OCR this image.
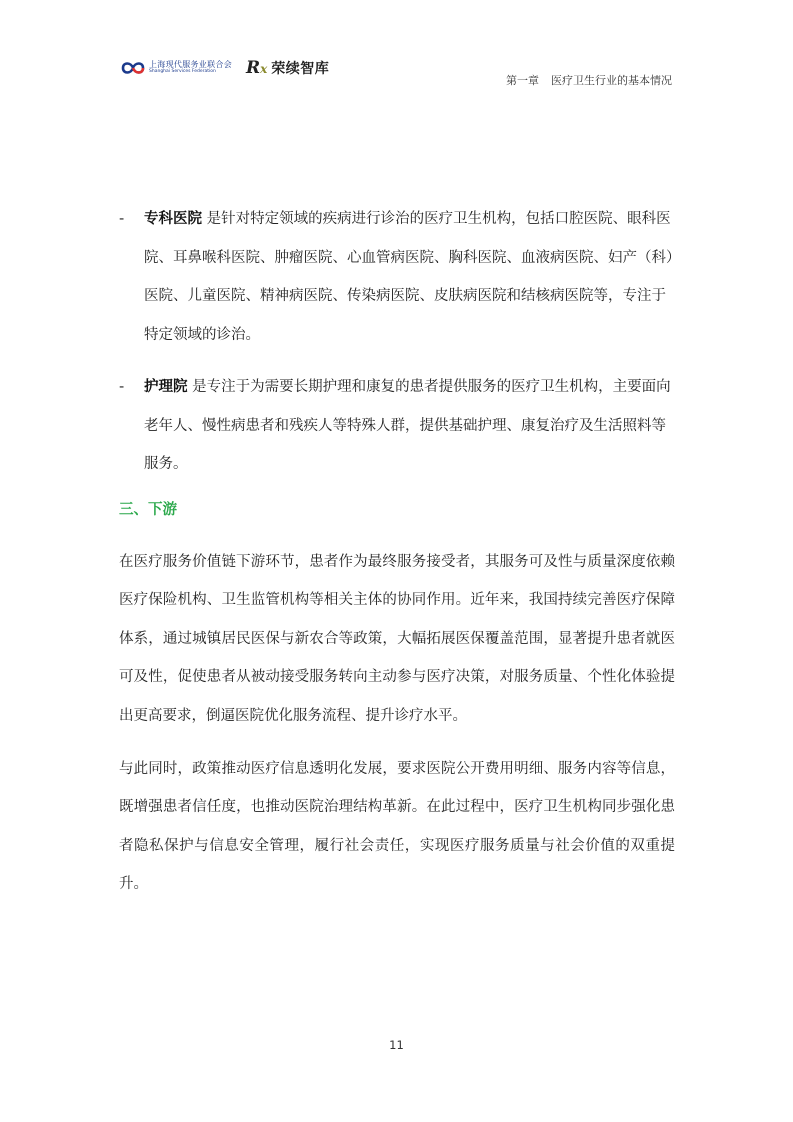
上海现代服务业联合会
Shanghai Services Federation	Rx 荣续智库
第一章 医疗卫生行业的基本情况
- 专科医院 是针对特定领域的疾病进行诊治的医疗卫生机构，包括口腔医院、眼科医院、耳鼻喉科医院、肿瘤医院、心血管病医院、胸科医院、血液病医院、妇产（科）医院、儿童医院、精神病医院、传染病医院、皮肤病医院和结核病医院等，专注于特定领域的诊治。
- 护理院 是专注于为需要长期护理和康复的患者提供服务的医疗卫生机构，主要面向老年人、慢性病患者和残疾人等特殊人群，提供基础护理、康复治疗及生活照料等服务。
三、下游

在医疗服务价值链下游环节，患者作为最终服务接受者，其服务可及性与质量深度依赖医疗保险机构、卫生监管机构等相关主体的协同作用。近年来，我国持续完善医疗保障体系，通过城镇居民医保与新农合等政策，大幅拓展医保覆盖范围，显著提升患者就医可及性，促使患者从被动接受服务转向主动参与医疗决策，对服务质量、个性化体验提出更高要求，倒逼医院优化服务流程、提升诊疗水平。

与此同时，政策推动医疗信息透明化发展，要求医院公开费用明细、服务内容等信息，既增强患者信任度，也推动医院治理结构革新。在此过程中，医疗卫生机构同步强化患者隐私保护与信息安全管理，履行社会责任，实现医疗服务质量与社会价值的双重提升。

11
